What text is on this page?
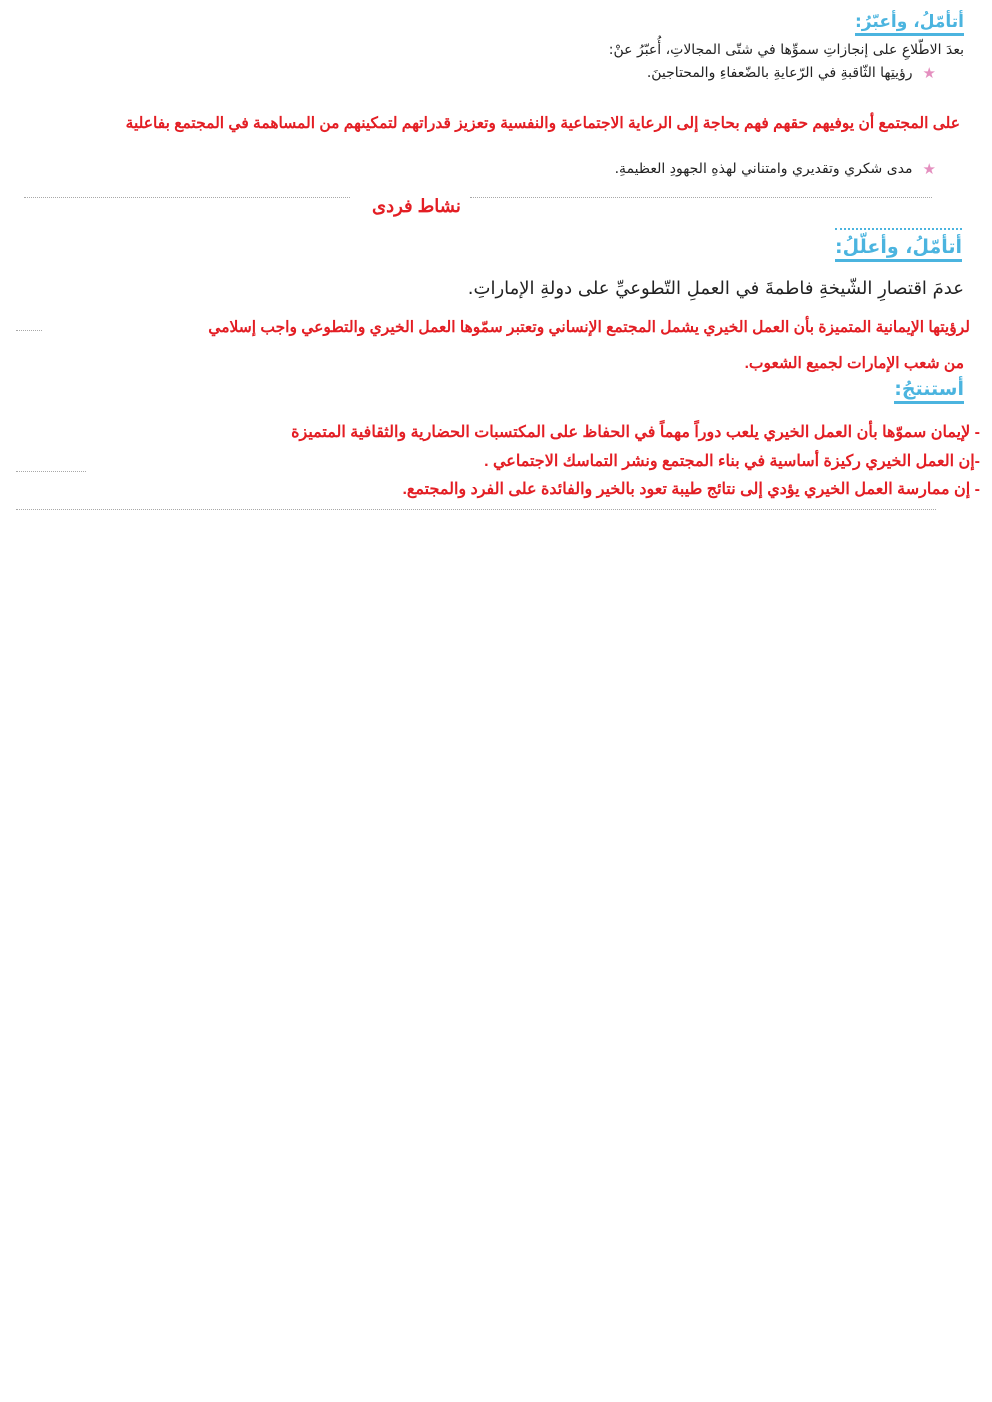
أتأمّلُ، وأعبّرُ:
بعدَ الاطّلاعِ على إنجازاتِ سموِّها في شتّى المجالاتِ، أُعبّرُ عنْ:
★
رؤيتِها الثّاقبةِ في الرّعايةِ بالضّعفاءِ والمحتاجينَ.
على المجتمع أن يوفيهم حقهم فهم بحاجة إلى الرعاية الاجتماعية والنفسية وتعزيز قدراتهم لتمكينهم من المساهمة في المجتمع بفاعلية
★
مدى شكري وتقديري وامتناني لهذهِ الجهودِ العظيمةِ.
نشاط فردى
أتأمّلُ، وأعلّلُ:
عدمَ اقتصارِ الشّيخةِ فاطمةَ في العملِ التّطوعيِّ على دولةِ الإماراتِ.
لرؤيتها الإيمانية المتميزة بأن العمل الخيري يشمل المجتمع الإنساني وتعتبر سمّوها العمل الخيري والتطوعي واجب إسلامي
من شعب الإمارات لجميع الشعوب.
أستنتجُ:
- لإيمان سموّها بأن العمل الخيري يلعب دوراً مهماً في الحفاظ على المكتسبات الحضارية والثقافية المتميزة
-إن العمل الخيري ركيزة أساسية في بناء المجتمع ونشر التماسك الاجتماعي .
- إن ممارسة العمل الخيري يؤدي إلى نتائج طيبة تعود بالخير والفائدة على الفرد والمجتمع.
